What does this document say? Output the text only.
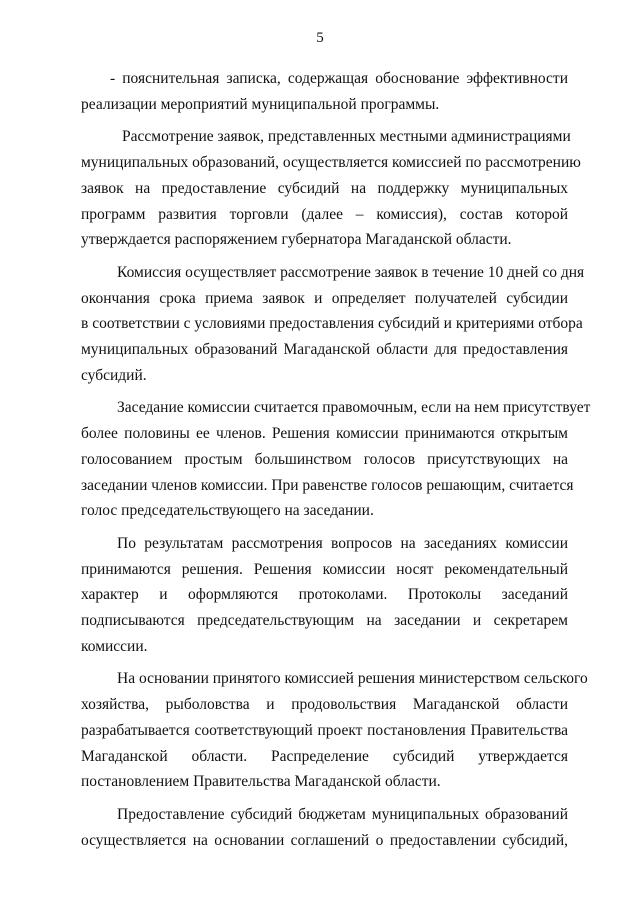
5

- пояснительная записка, содержащая обоснование эффективности
реализации мероприятий муниципальной программы.

Рассмотрение заявок, представленных местными администрациями
муниципальных образований, осуществляется комиссией по рассмотрению
заявок на предоставление субсидий на поддержку муниципальных
программ развития торговли (далее – комиссия), состав которой
утверждается распоряжением губернатора Магаданской области.

Комиссия осуществляет рассмотрение заявок в течение 10 дней со дня
окончания срока приема заявок и определяет получателей субсидии
в соответствии с условиями предоставления субсидий и критериями отбора
муниципальных образований Магаданской области для предоставления
субсидий.

Заседание комиссии считается правомочным, если на нем присутствует
более половины ее членов. Решения комиссии принимаются открытым
голосованием простым большинством голосов присутствующих на
заседании членов комиссии. При равенстве голосов решающим, считается
голос председательствующего на заседании.

По результатам рассмотрения вопросов на заседаниях комиссии
принимаются решения. Решения комиссии носят рекомендательный
характер и оформляются протоколами. Протоколы заседаний
подписываются председательствующим на заседании и секретарем
комиссии.

На основании принятого комиссией решения министерством сельского
хозяйства, рыболовства и продовольствия Магаданской области
разрабатывается соответствующий проект постановления Правительства
Магаданской области. Распределение субсидий утверждается
постановлением Правительства Магаданской области.

Предоставление субсидий бюджетам муниципальных образований
осуществляется на основании соглашений о предоставлении субсидий,
